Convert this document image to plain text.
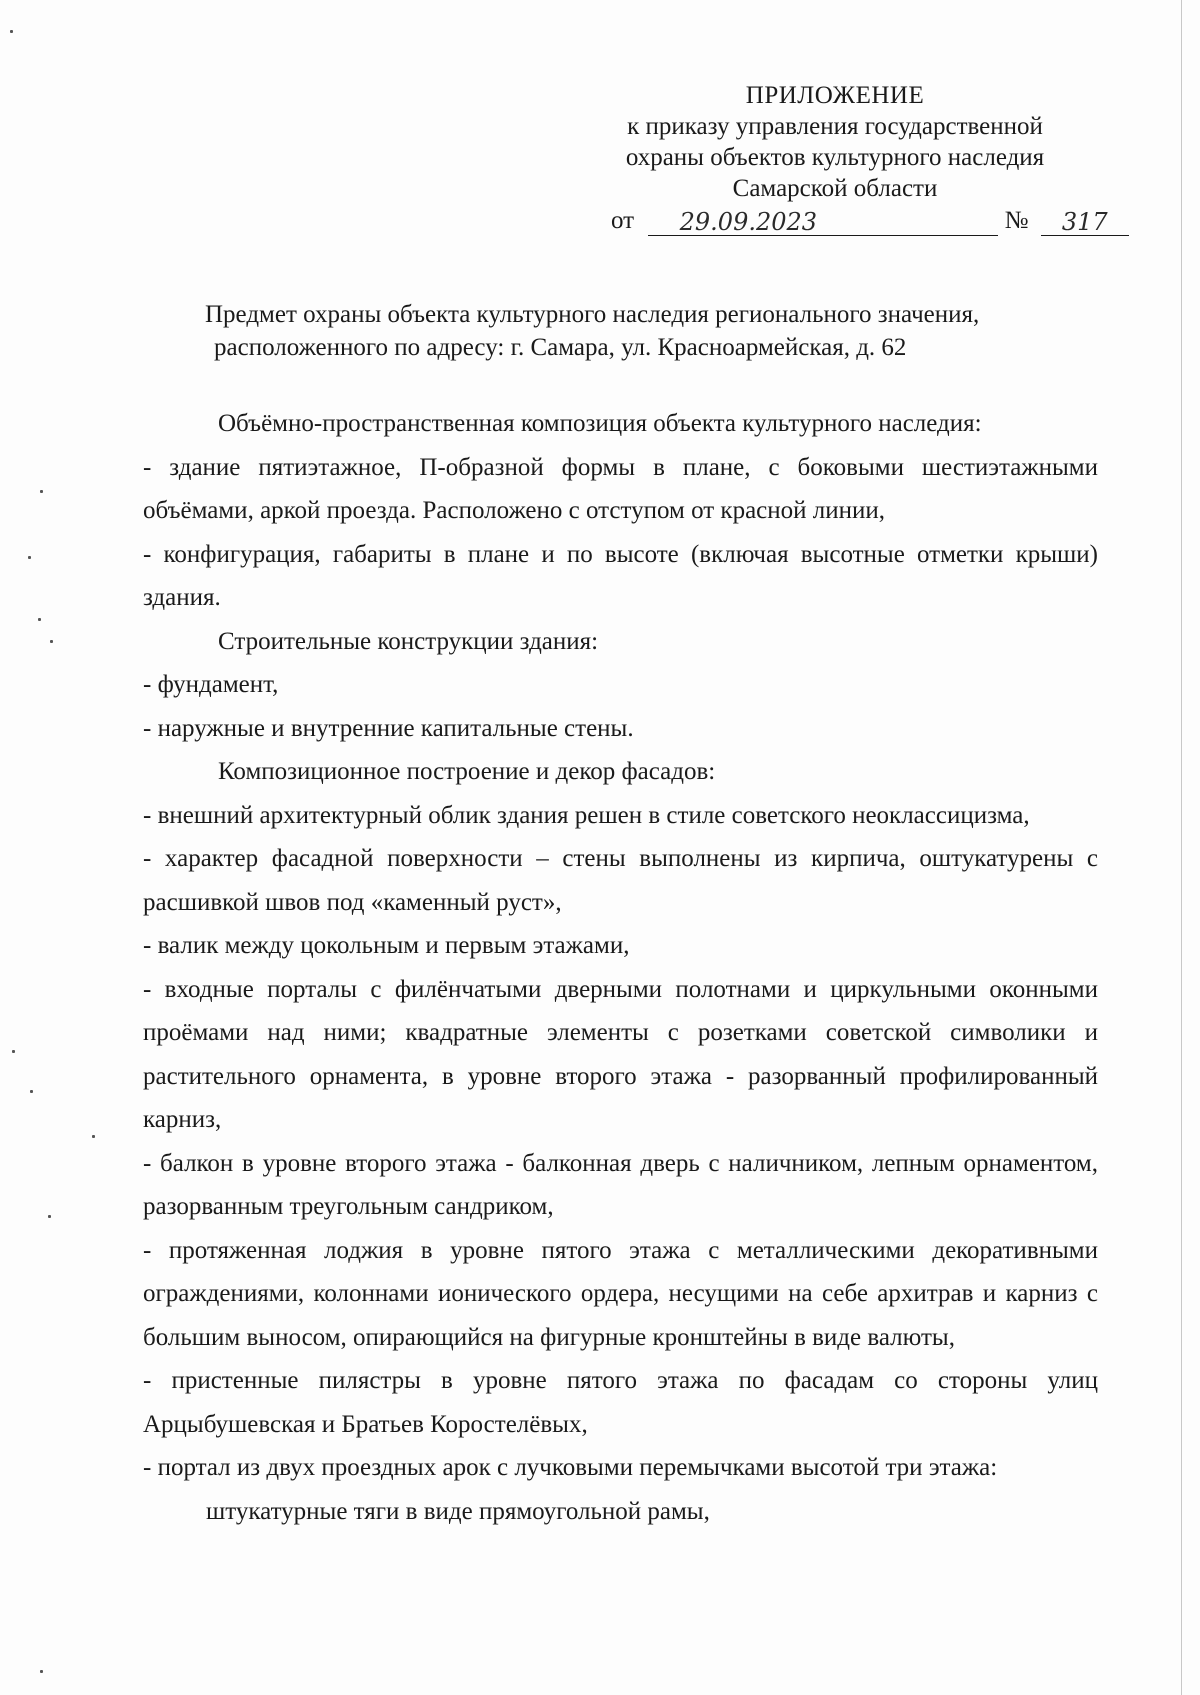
ПРИЛОЖЕНИЕ
к приказу управления государственной
охраны объектов культурного наследия
Самарской области
от 29.09.2023	№ 317
Предмет охраны объекта культурного наследия регионального значения,
расположенного по адресу: г. Самара, ул. Красноармейская, д. 62

Объёмно-пространственная композиция объекта культурного наследия:

- здание пятиэтажное, П-образной формы в плане, с боковыми шестиэтажными объёмами, аркой проезда. Расположено с отступом от красной линии,

- конфигурация, габариты в плане и по высоте (включая высотные отметки крыши) здания.

Строительные конструкции здания:

- фундамент,

- наружные и внутренние капитальные стены.

Композиционное построение и декор фасадов:

- внешний архитектурный облик здания решен в стиле советского неоклассицизма,

- характер фасадной поверхности – стены выполнены из кирпича, оштукатурены с расшивкой швов под «каменный руст»,

- валик между цокольным и первым этажами,

- входные порталы с филёнчатыми дверными полотнами и циркульными оконными проёмами над ними; квадратные элементы с розетками советской символики и растительного орнамента, в уровне второго этажа - разорванный профилированный карниз,

- балкон в уровне второго этажа - балконная дверь с наличником, лепным орнаментом, разорванным треугольным сандриком,

- протяженная лоджия в уровне пятого этажа с металлическими декоративными ограждениями, колоннами ионического ордера, несущими на себе архитрав и карниз с большим выносом, опирающийся на фигурные кронштейны в виде валюты,

- пристенные пилястры в уровне пятого этажа по фасадам со стороны улиц Арцыбушевская и Братьев Коростелёвых,

- портал из двух проездных арок с лучковыми перемычками высотой три этажа:

штукатурные тяги в виде прямоугольной рамы,
